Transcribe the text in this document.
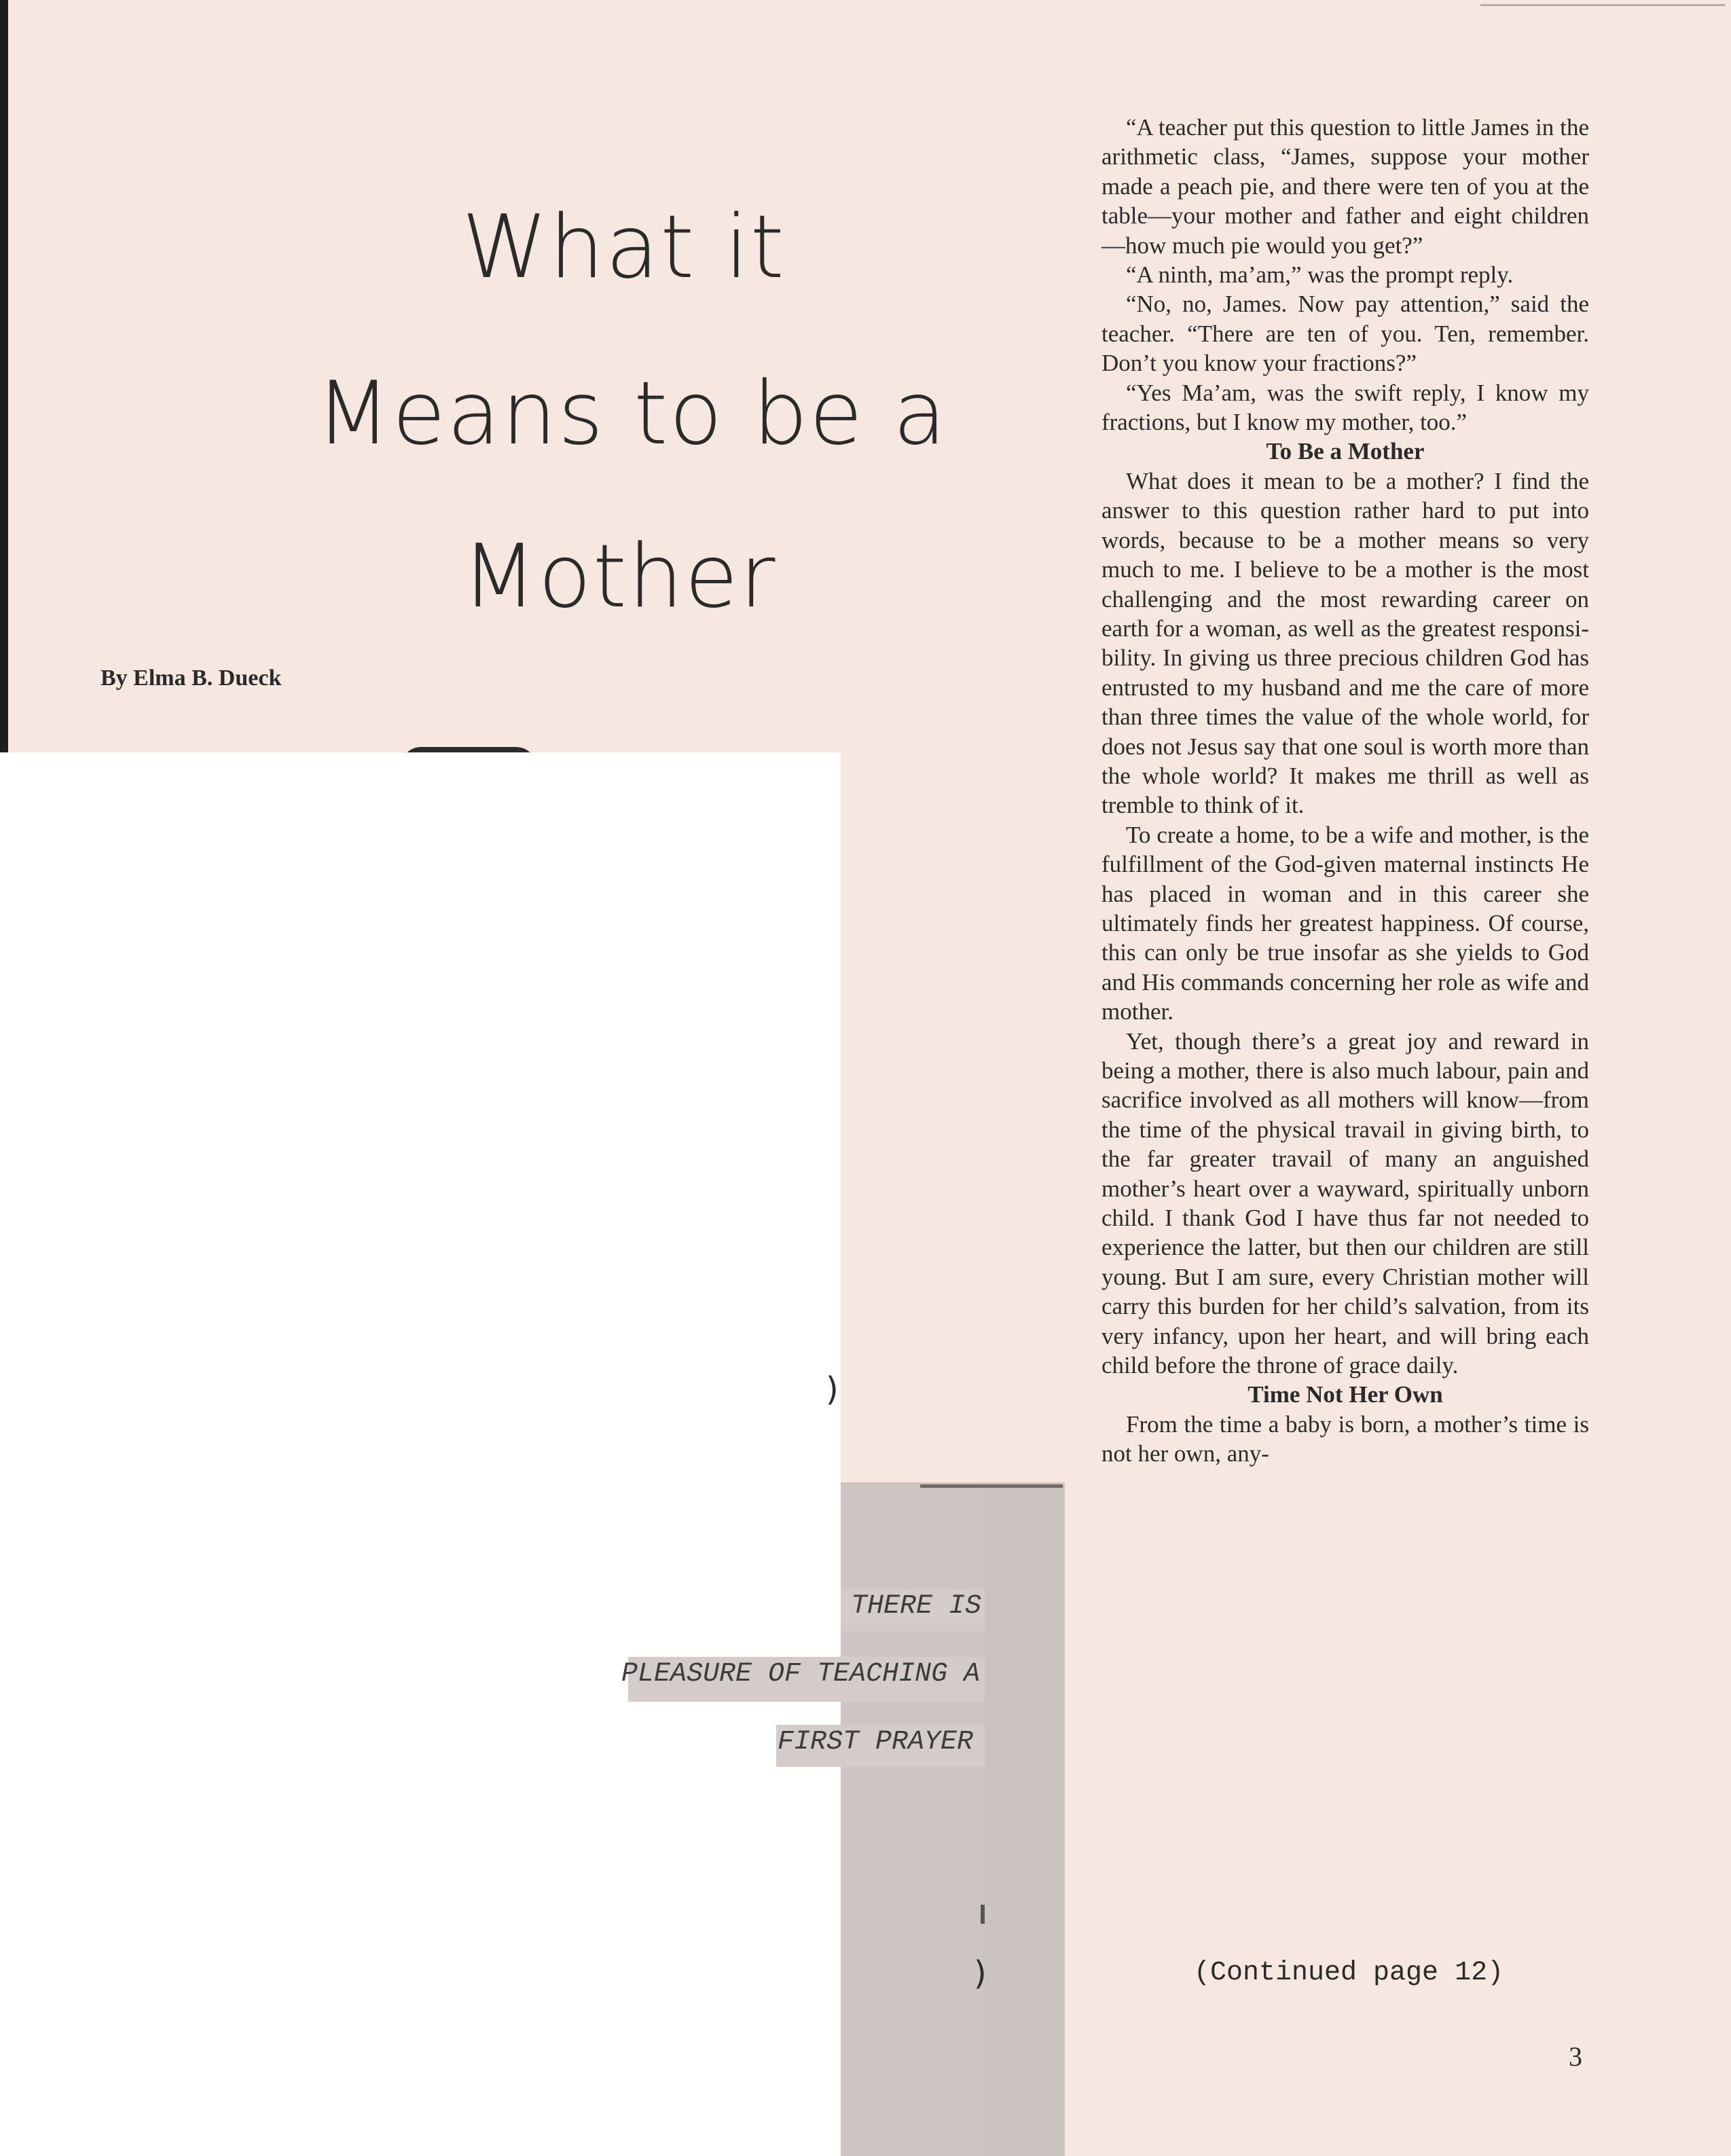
What it
Means to be a
Mother
By Elma B. Dueck
THERE IS
PLEASURE OF TEACHING A
FIRST PRAYER
)
)

“A teacher put this question to little James in the arithmetic class, “James, suppose your mother made a peach pie, and there were ten of you at the table—your mother and father and eight children—how much pie would you get?”

“A ninth, ma’am,” was the prompt reply.

“No, no, James. Now pay attention,” said the teacher. “There are ten of you. Ten, remember. Don’t you know your fractions?”

“Yes Ma’am, was the swift reply, I know my fractions, but I know my mother, too.”

To Be a Mother

What does it mean to be a mother? I find the answer to this question rather hard to put into words, because to be a mother means so very much to me. I believe to be a mother is the most challenging and the most rewarding career on earth for a woman, as well as the greatest responsibility. In giving us three precious children God has entrusted to my husband and me the care of more than three times the value of the whole world, for does not Jesus say that one soul is worth more than the whole world? It makes me thrill as well as tremble to think of it.

To create a home, to be a wife and mother, is the fulfillment of the God-given maternal instincts He has placed in woman and in this career she ultimately finds her greatest happiness. Of course, this can only be true insofar as she yields to God and His commands concerning her role as wife and mother.

Yet, though there’s a great joy and reward in being a mother, there is also much labour, pain and sacrifice involved as all mothers will know—from the time of the physical travail in giving birth, to the far greater travail of many an anguished mother’s heart over a wayward, spiritually unborn child. I thank God I have thus far not needed to experience the latter, but then our children are still young. But I am sure, every Christian mother will carry this burden for her child’s salvation, from its very infancy, upon her heart, and will bring each child before the throne of grace daily.

Time Not Her Own

From the time a baby is born, a mother’s time is not her own, any-

(Continued page 12)
3
